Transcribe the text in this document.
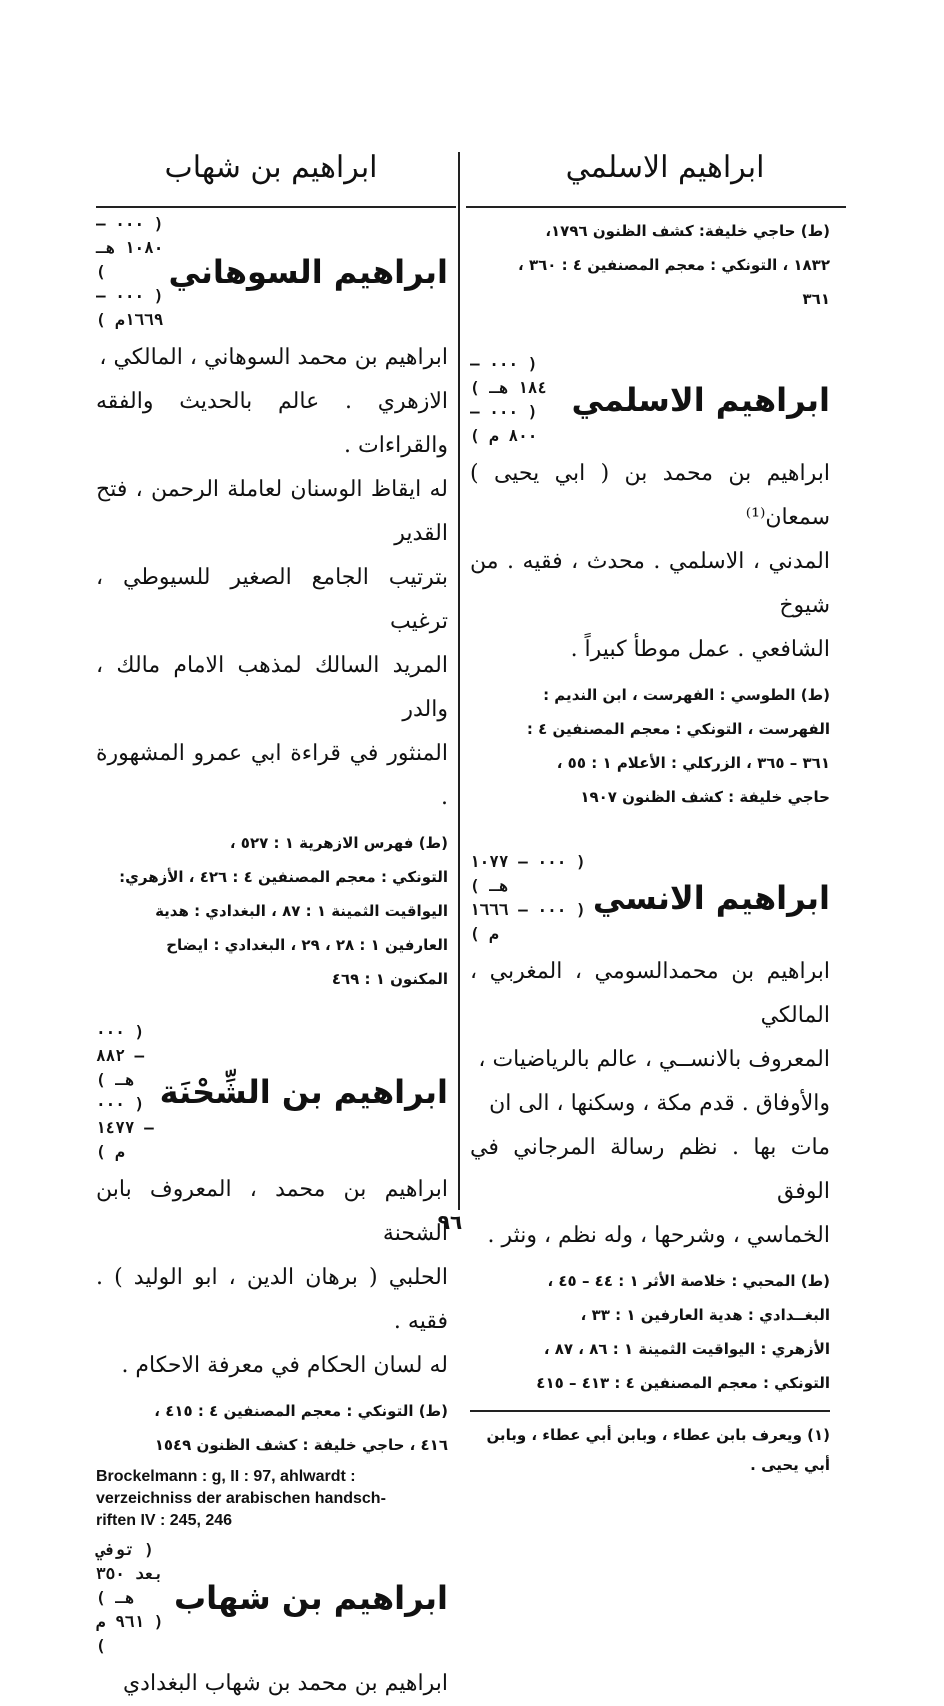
ابراهيم الاسلمي
ابراهيم بن شهاب
(ط) حاجي خليفة: كشف الظنون ١٧٩٦،
١٨٣٢ ، التونكي : معجم المصنفين ٤ : ٣٦٠ ،
٣٦١
ابراهيم الاسلمي
( ٠٠٠ – ١٨٤ هـ )
( ٠٠٠ – ٨٠٠ م )
ابراهيم بن محمد بن ( ابي يحيى ) سمعان⁽¹⁾
المدني ، الاسلمي . محدث ، فقيه . من شيوخ
الشافعي . عمل موطأ كبيراً .
(ط) الطوسي : الفهرست ، ابن النديم :
الفهرست ، التونكي : معجم المصنفين ٤ :
٣٦١ – ٣٦٥ ، الزركلي : الأعلام ١ : ٥٥ ،
حاجي خليفة : كشف الظنون ١٩٠٧
ابراهيم الانسي
( ٠٠٠ – ١٠٧٧ هـ )
( ٠٠٠ – ١٦٦٦ م )
ابراهيم بن محمدالسومي ، المغربي ، المالكي
المعروف بالانســي ، عالم بالرياضيات ،
والأوفاق . قدم مكة ، وسكنها ، الى ان
مات بها . نظم رسالة المرجاني في الوفق
الخماسي ، وشرحها ، وله نظم ، ونثر .
(ط) المحبي : خلاصة الأثر ١ : ٤٤ – ٤٥ ،
البغــدادي : هدية العارفين ١ : ٣٣ ،
الأزهري : اليواقيت الثمينة ١ : ٨٦ ، ٨٧ ،
التونكي : معجم المصنفين ٤ : ٤١٣ – ٤١٥
(١) ويعرف بابن عطاء ، وبابن أبي عطاء ، وبابن
أبي يحيى .
ابراهيم السوهاني
( ٠٠٠ – ١٠٨٠ هـ )
( ٠٠٠ – ١٦٦٩م )
ابراهيم بن محمد السوهاني ، المالكي ،
الازهري . عالم بالحديث والفقه والقراءات .
له ايقاظ الوسنان لعاملة الرحمن ، فتح القدير
بترتيب الجامع الصغير للسيوطي ، ترغيب
المريد السالك لمذهب الامام مالك ، والدر
المنثور في قراءة ابي عمرو المشهورة .
(ط) فهرس الازهرية ١ : ٥٢٧ ،
التونكي : معجم المصنفين ٤ : ٤٢٦ ، الأزهري:
اليواقيت الثمينة ١ : ٨٧ ، البغدادي : هدية
العارفين ١ : ٢٨ ، ٢٩ ، البغدادي : ايضاح
المكنون ١ : ٤٦٩
ابراهيم بن الشِّحْنَة
( ٠٠٠ – ٨٨٢ هـ )
( ٠٠٠ – ١٤٧٧ م )
ابراهيم بن محمد ، المعروف بابن الشحنة
الحلبي ( برهان الدين ، ابو الوليد ) . فقيه .
له لسان الحكام في معرفة الاحكام .
(ط) التونكي : معجم المصنفين ٤ : ٤١٥ ،
٤١٦ ، حاجي خليفة : كشف الظنون ١٥٤٩
Brockelmann : g, II : 97, ahlwardt :
verzeichniss der arabischen handsch-
riften IV : 245, 246
ابراهيم بن شهاب
( توفي بعد ٣٥٠ هـ )
( ٩٦١ م )
ابراهيم بن محمد بن شهاب البغدادي
٩٦
